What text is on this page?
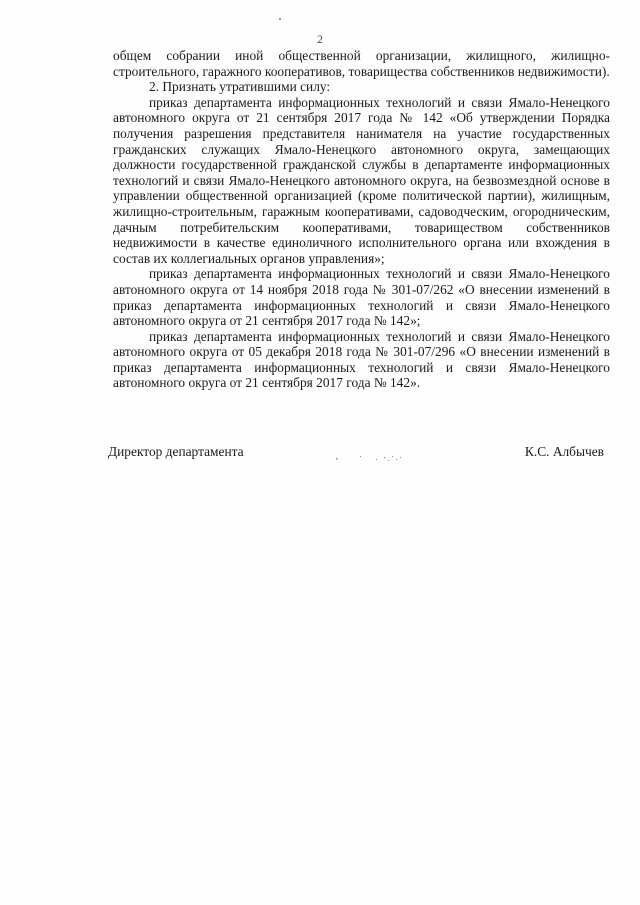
2

общем собрании иной общественной организации, жилищного, жилищно-строительного, гаражного кооперативов, товарищества собственников недвижимости).

2. Признать утратившими силу:

приказ департамента информационных технологий и связи Ямало-Ненецкого автономного округа от 21 сентября 2017 года № 142 «Об утверждении Порядка получения разрешения представителя нанимателя на участие государственных гражданских служащих Ямало-Ненецкого автономного округа, замещающих должности государственной гражданской службы в департаменте информационных технологий и связи Ямало-Ненецкого автономного округа, на безвозмездной основе в управлении общественной организацией (кроме политической партии), жилищным, жилищно-строительным, гаражным кооперативами, садоводческим, огородническим, дачным потребительским кооперативами, товариществом собственников недвижимости в качестве единоличного исполнительного органа или вхождения в состав их коллегиальных органов управления»;

приказ департамента информационных технологий и связи Ямало-Ненецкого автономного округа от 14 ноября 2018 года № 301-07/262 «О внесении изменений в приказ департамента информационных технологий и связи Ямало-Ненецкого автономного округа от 21 сентября 2017 года № 142»;

приказ департамента информационных технологий и связи Ямало-Ненецкого автономного округа от 05 декабря 2018 года № 301-07/296 «О внесении изменений в приказ департамента информационных технологий и связи Ямало-Ненецкого автономного округа от 21 сентября 2017 года № 142».

Директор департамента	К.С. Албычев
